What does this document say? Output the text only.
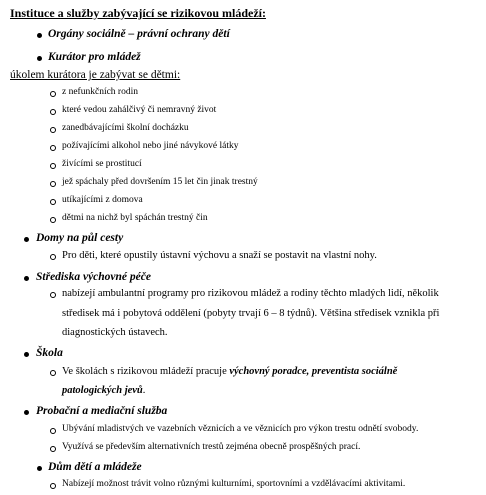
Instituce a služby zabývající se rizikovou mládeží:
Orgány sociálně – právní ochrany dětí
Kurátor pro mládež
úkolem kurátora je zabývat se dětmi:
z nefunkčních rodin
které vedou zahálčivý či nemravný život
zanedbávajícími školní docházku
požívajícími alkohol nebo jiné návykové látky
živícími se prostitucí
jež spáchaly před dovršením 15 let čin jinak trestný
utíkajícími z domova
dětmi na nichž byl spáchán trestný čin
Domy na půl cesty
Pro děti, které opustily ústavní výchovu a snaží se postavit na vlastní nohy.
Střediska výchovné péče
nabízejí ambulantní programy pro rizikovou mládež a rodiny těchto mladých lidí, několik
středisek má i pobytová oddělení (pobyty trvají 6 – 8 týdnů). Většina středisek vznikla při
diagnostických ústavech.
Škola
Ve školách s rizikovou mládeží pracuje výchovný poradce, preventista sociálně
patologických jevů.
Probační a mediační služba
Ubývání mladistvých ve vazebních věznicích a ve věznicích pro výkon trestu odnětí svobody.
Využívá se především alternativních trestů zejména obecně prospěšných prací.
Dům dětí a mládeže
Nabízejí možnost trávit volno různými kulturními, sportovními a vzdělávacími aktivitami.
